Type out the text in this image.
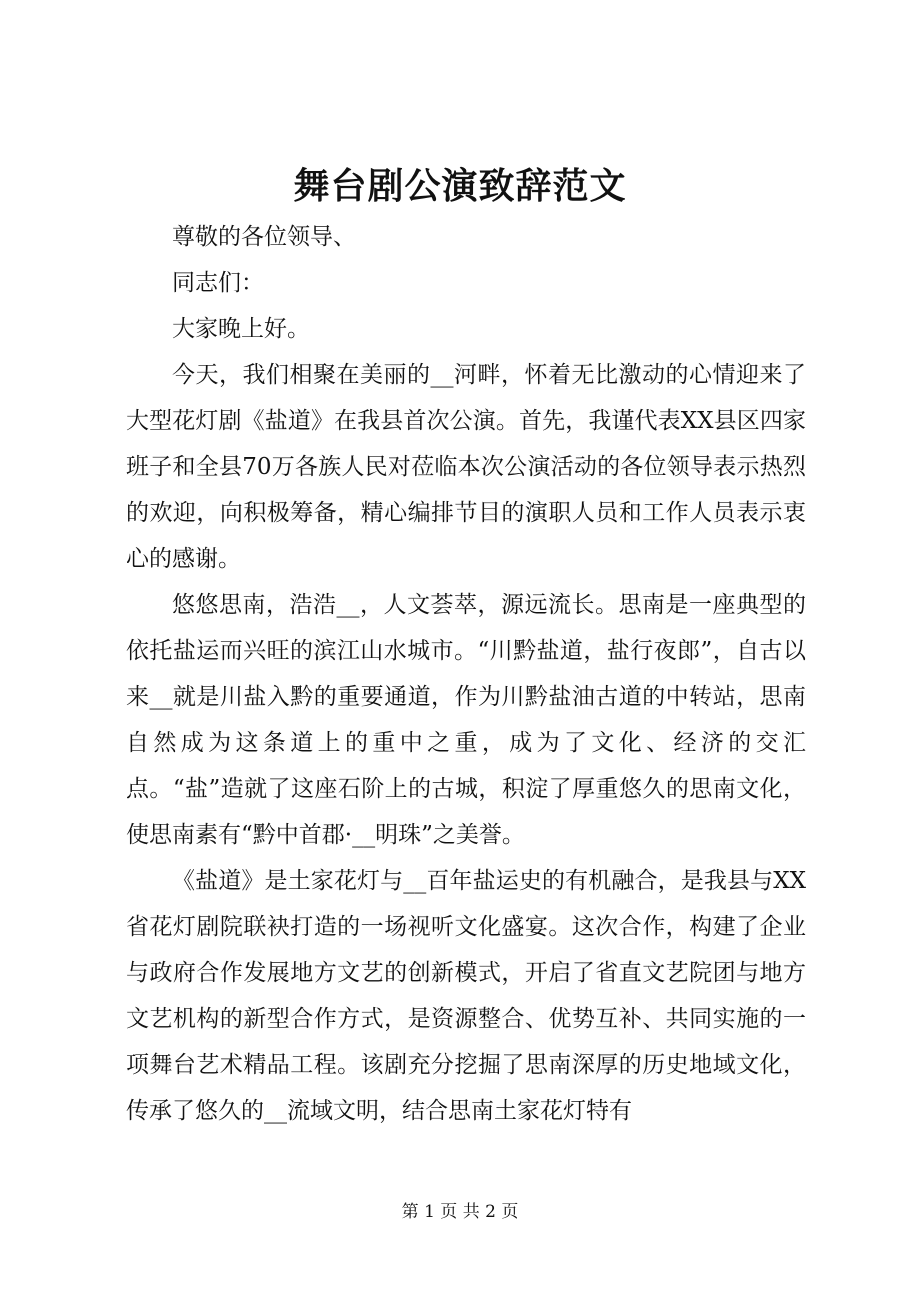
舞台剧公演致辞范文

尊敬的各位领导、

同志们：

大家晚上好。

今天，我们相聚在美丽的__河畔，怀着无比激动的心情迎来了大型花灯剧《盐道》在我县首次公演。首先，我谨代表XX县区四家班子和全县70万各族人民对莅临本次公演活动的各位领导表示热烈的欢迎，向积极筹备，精心编排节目的演职人员和工作人员表示衷心的感谢。

悠悠思南，浩浩__，人文荟萃，源远流长。思南是一座典型的依托盐运而兴旺的滨江山水城市。“川黔盐道，盐行夜郎”，自古以来__就是川盐入黔的重要通道，作为川黔盐油古道的中转站，思南自然成为这条道上的重中之重，成为了文化、经济的交汇点。“盐”造就了这座石阶上的古城，积淀了厚重悠久的思南文化，使思南素有“黔中首郡·__明珠”之美誉。

《盐道》是土家花灯与__百年盐运史的有机融合，是我县与XX省花灯剧院联袂打造的一场视听文化盛宴。这次合作，构建了企业与政府合作发展地方文艺的创新模式，开启了省直文艺院团与地方文艺机构的新型合作方式，是资源整合、优势互补、共同实施的一项舞台艺术精品工程。该剧充分挖掘了思南深厚的历史地域文化，传承了悠久的__流域文明，结合思南土家花灯特有

第 1 页 共 2 页
